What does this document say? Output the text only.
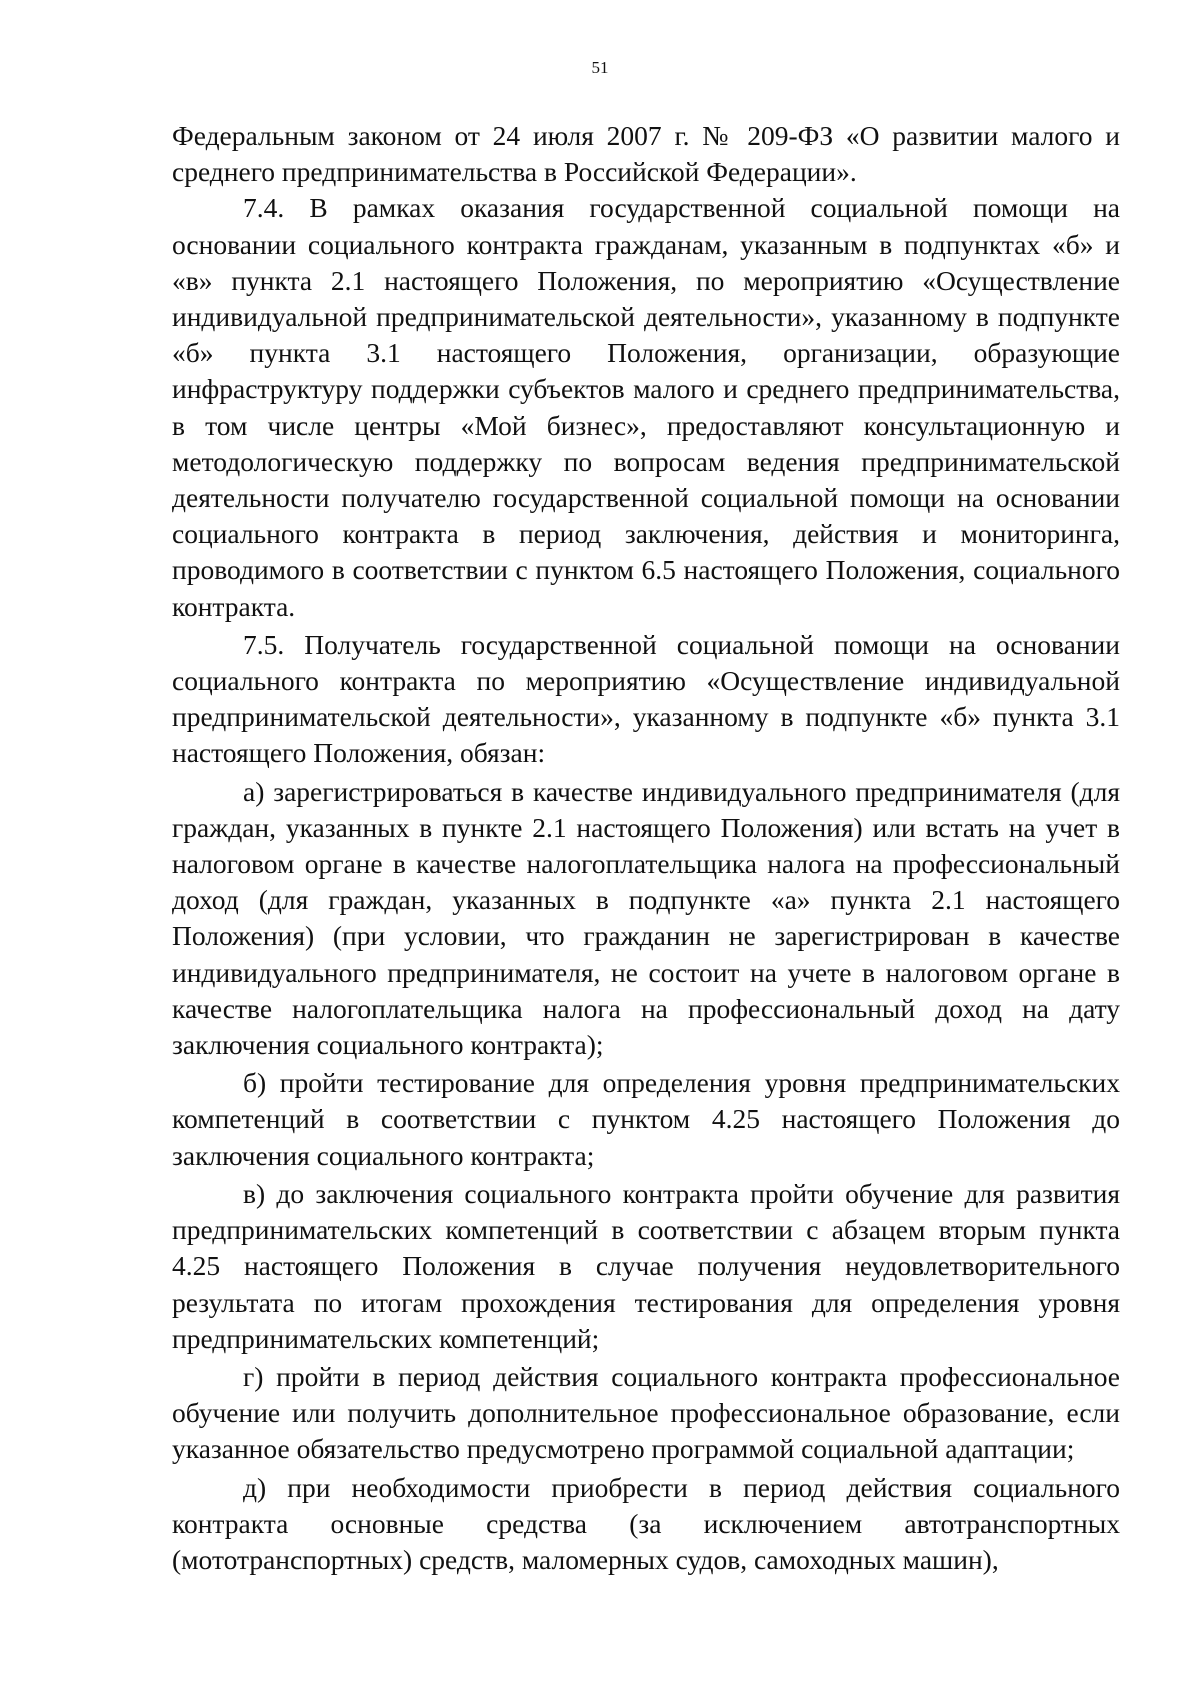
51

Федеральным законом от 24 июля 2007 г. № 209-ФЗ «О развитии малого и среднего предпринимательства в Российской Федерации».

7.4. В рамках оказания государственной социальной помощи на основании социального контракта гражданам, указанным в подпунктах «б» и «в» пункта 2.1 настоящего Положения, по мероприятию «Осуществление индивидуальной предпринимательской деятельности», указанному в подпункте «б» пункта 3.1 настоящего Положения, организации, образующие инфраструктуру поддержки субъектов малого и среднего предпринимательства, в том числе центры «Мой бизнес», предоставляют консультационную и методологическую поддержку по вопросам ведения предпринимательской деятельности получателю государственной социальной помощи на основании социального контракта в период заключения, действия и мониторинга, проводимого в соответствии с пунктом 6.5 настоящего Положения, социального контракта.

7.5. Получатель государственной социальной помощи на основании социального контракта по мероприятию «Осуществление индивидуальной предпринимательской деятельности», указанному в подпункте «б» пункта 3.1 настоящего Положения, обязан:

а) зарегистрироваться в качестве индивидуального предпринимателя (для граждан, указанных в пункте 2.1 настоящего Положения) или встать на учет в налоговом органе в качестве налогоплательщика налога на профессиональный доход (для граждан, указанных в подпункте «а» пункта 2.1 настоящего Положения) (при условии, что гражданин не зарегистрирован в качестве индивидуального предпринимателя, не состоит на учете в налоговом органе в качестве налогоплательщика налога на профессиональный доход на дату заключения социального контракта);

б) пройти тестирование для определения уровня предпринимательских компетенций в соответствии с пунктом 4.25 настоящего Положения до заключения социального контракта;

в) до заключения социального контракта пройти обучение для развития предпринимательских компетенций в соответствии с абзацем вторым пункта 4.25 настоящего Положения в случае получения неудовлетворительного результата по итогам прохождения тестирования для определения уровня предпринимательских компетенций;

г) пройти в период действия социального контракта профессиональное обучение или получить дополнительное профессиональное образование, если указанное обязательство предусмотрено программой социальной адаптации;

д) при необходимости приобрести в период действия социального контракта основные средства (за исключением автотранспортных (мототранспортных) средств, маломерных судов, самоходных машин),
